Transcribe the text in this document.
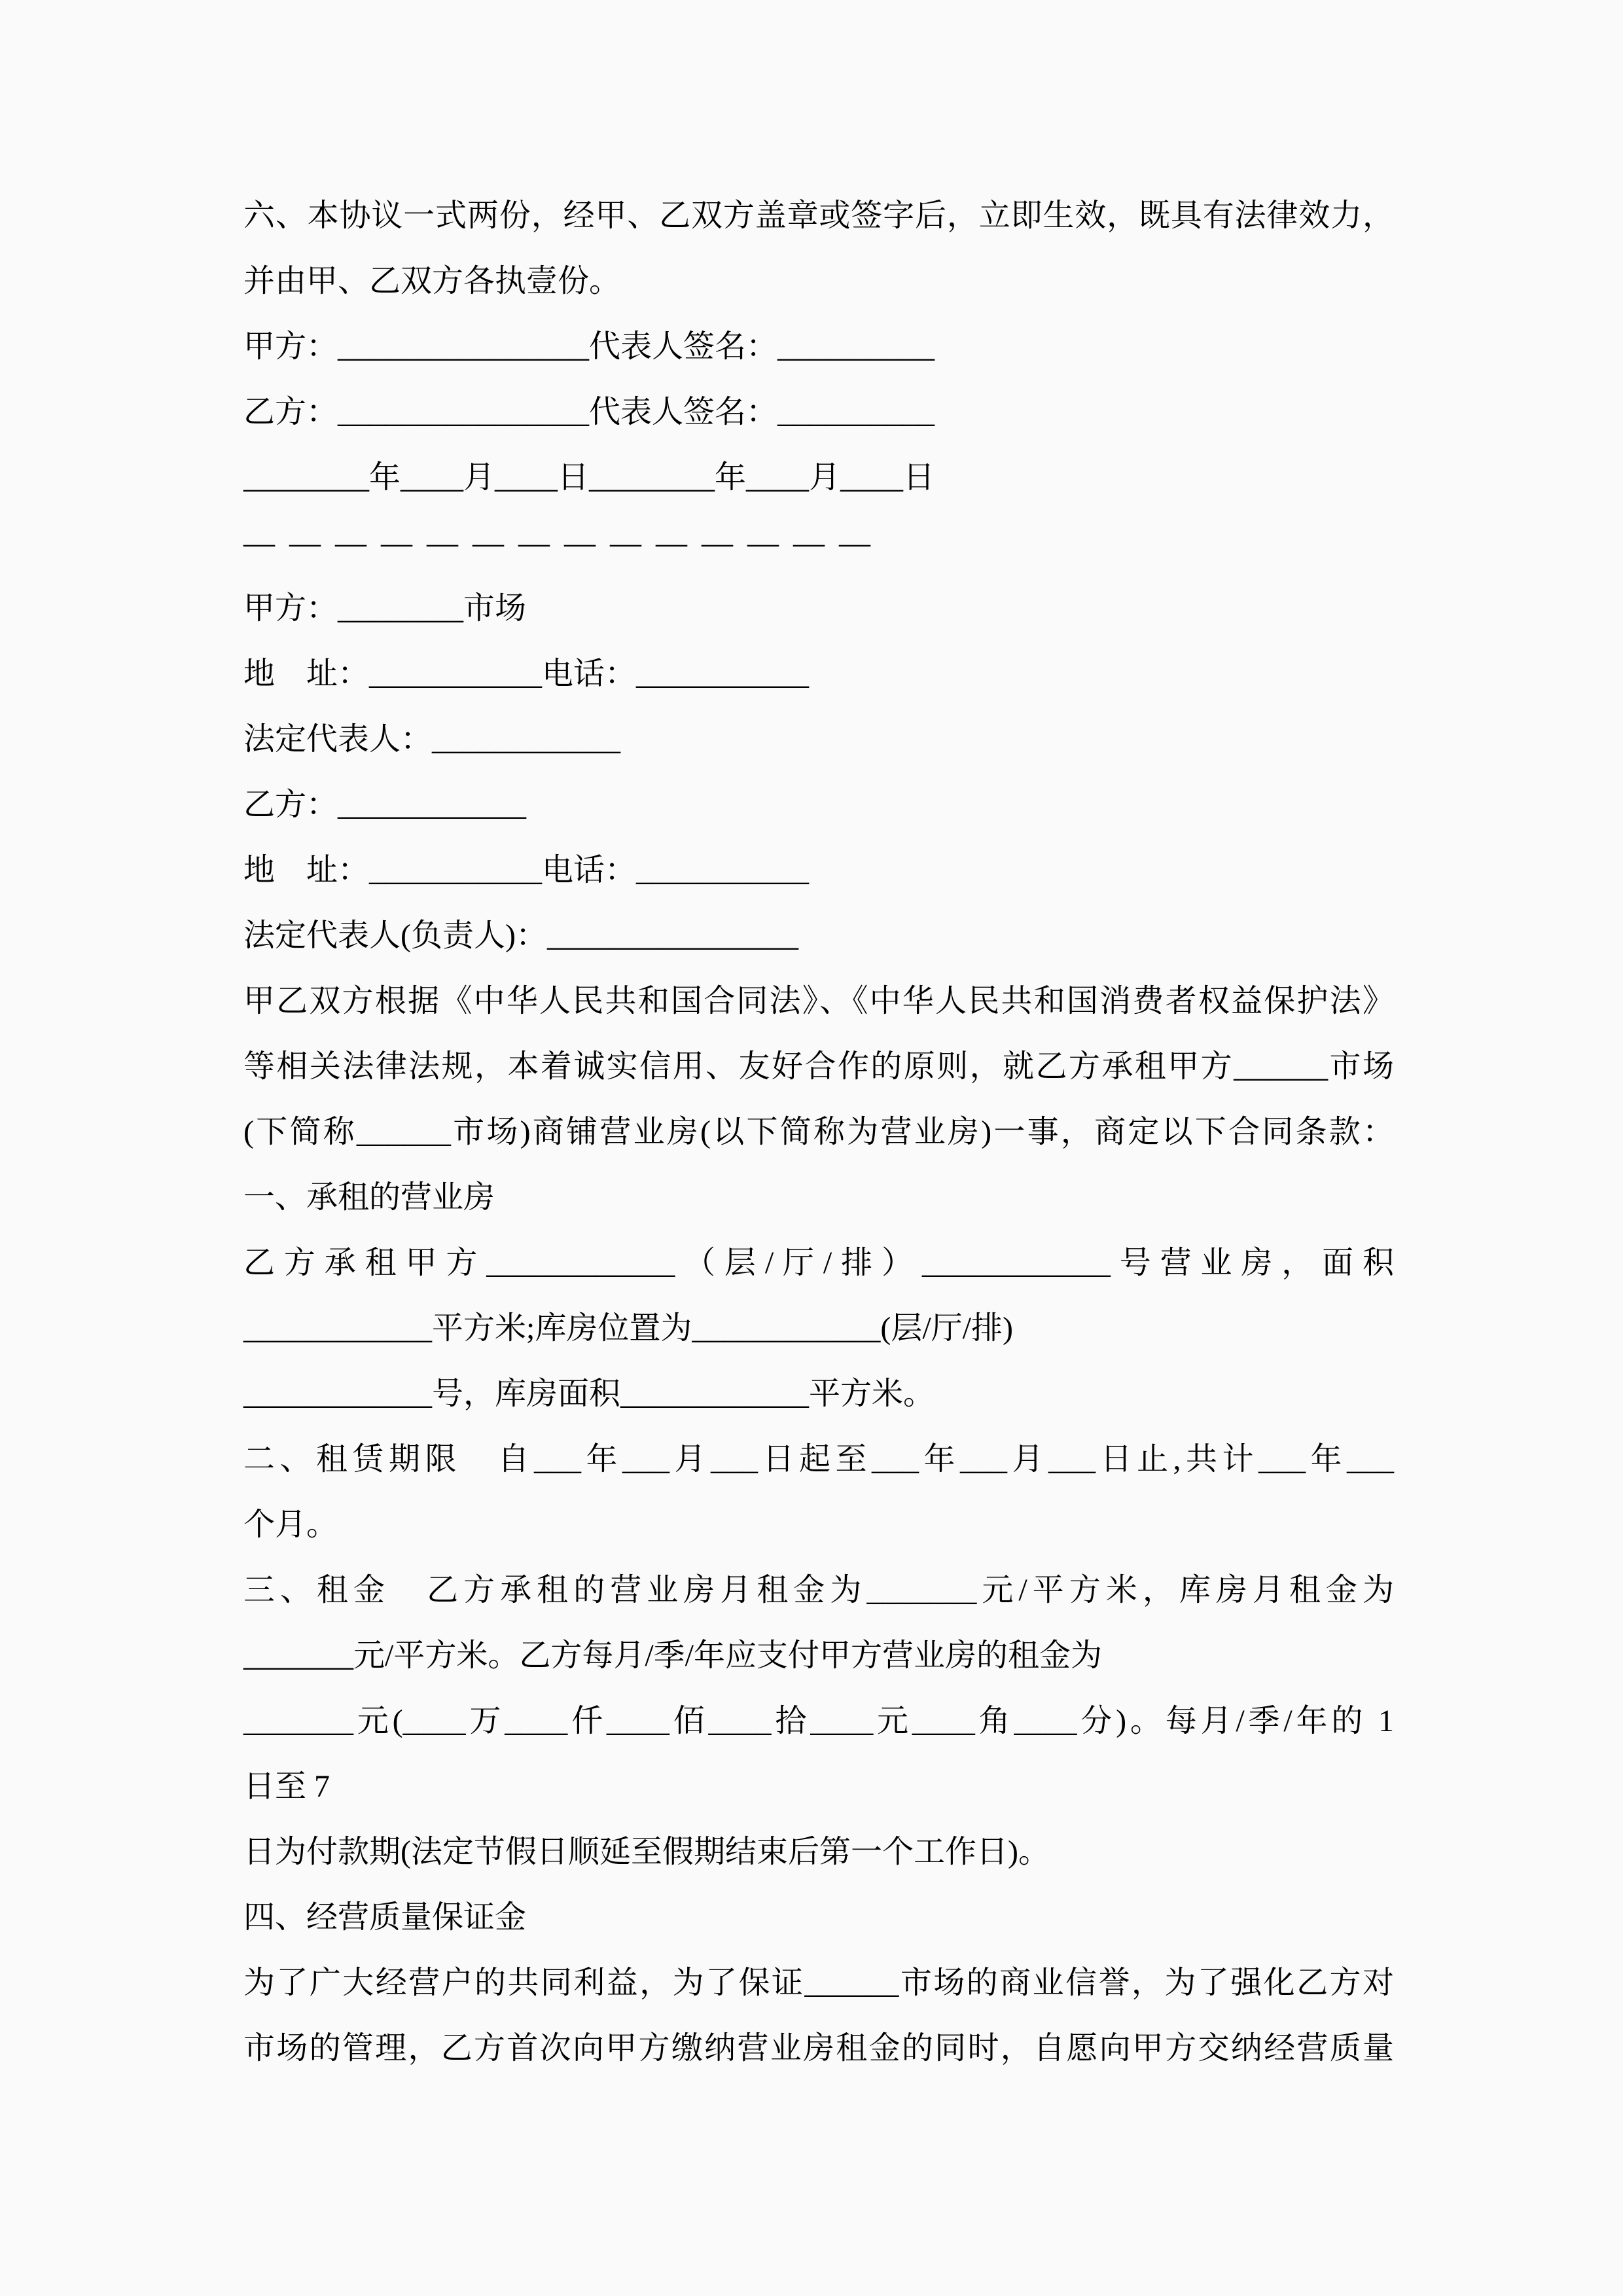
六、本协议一式两份，经甲、乙双方盖章或签字后，立即生效，既具有法律效力，
并由甲、乙双方各执壹份。
甲方：________________代表人签名：__________
乙方：________________代表人签名：__________
________年____月____日________年____月____日
——————————————
甲方：________市场
地　址：___________电话：___________
法定代表人：____________
乙方：____________
地　址：___________电话：___________
法定代表人(负责人)：________________
甲乙双方根据《中华人民共和国合同法》、《中华人民共和国消费者权益保护法》
等相关法律法规，本着诚实信用、友好合作的原则，就乙方承租甲方______市场
(下简称______市场)商铺营业房(以下简称为营业房)一事，商定以下合同条款：
一、承租的营业房
乙方承租甲方____________（层/厅/排）____________号营业房，面积
____________平方米;库房位置为____________(层/厅/排)
____________号，库房面积____________平方米。
二、租赁期限　自___年___月___日起至___年___月___日止,共计___年___
个月。
三、租金　乙方承租的营业房月租金为_______元/平方米，库房月租金为
_______元/平方米。乙方每月/季/年应支付甲方营业房的租金为
_______元(____万____仟____佰____拾____元____角____分)。每月/季/年的 1
日至 7
日为付款期(法定节假日顺延至假期结束后第一个工作日)。
四、经营质量保证金
为了广大经营户的共同利益，为了保证______市场的商业信誉，为了强化乙方对
市场的管理，乙方首次向甲方缴纳营业房租金的同时，自愿向甲方交纳经营质量
